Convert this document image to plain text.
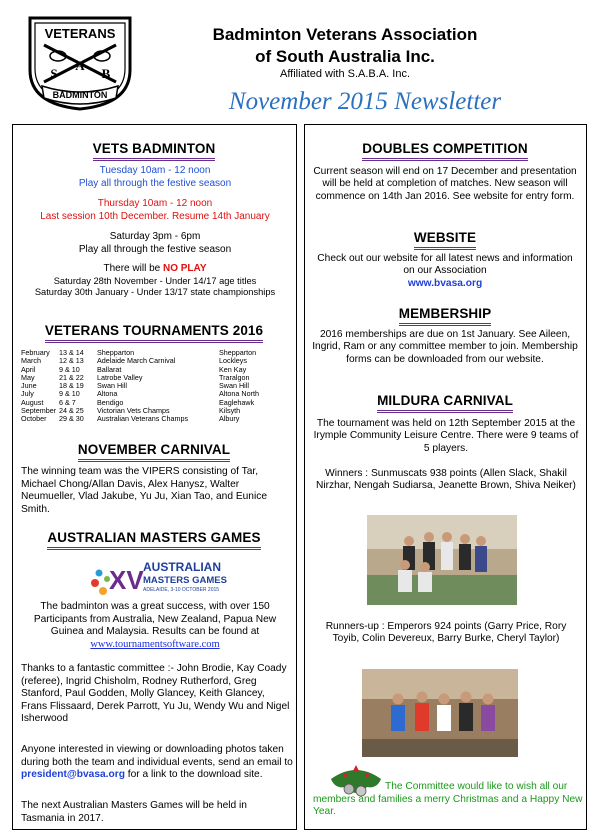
VETERANS
S
A
B
BADMINTON
Badminton Veterans Association
of South Australia Inc.
Affiliated with S.A.B.A. Inc.
November 2015 Newsletter
VETS BADMINTON
Tuesday 10am - 12 noon
Play all through the festive season
Thursday 10am - 12 noon
Last session 10th December. Resume 14th January
Saturday 3pm - 6pm
Play all through the festive season
There will be NO PLAY
Saturday 28th November - Under 14/17 age titles
Saturday 30th January - Under 13/17 state championships
VETERANS TOURNAMENTS 2016
February	13 & 14	Shepparton	Shepparton
March	12 & 13	Adelaide March Carnival	Lockleys
April	9 & 10	Ballarat	Ken Kay
May	21 & 22	Latrobe Valley	Traralgon
June	18 & 19	Swan Hill	Swan Hill
July	9 & 10	Altona	Altona North
August	6 & 7	Bendigo	Eaglehawk
September	24 & 25	Victorian Vets Champs	Kilsyth
October	29 & 30	Australian Veterans Champs	Albury
NOVEMBER CARNIVAL
The winning team was the VIPERS consisting of Tar, Michael Chong/Allan Davis, Alex Hanysz, Walter Neumueller, Vlad Jakube, Yu Ju, Xian Tao, and Eunice Smith.
AUSTRALIAN MASTERS GAMES
XV AUSTRALIAN
MASTERS GAMES
ADELAIDE, 3-10 OCTOBER 2015
The badminton was a great success, with over 150 Participants from Australia, New Zealand, Papua New Guinea and Malaysia. Results can be found at
www.tournamentsoftware.com
Thanks to a fantastic committee :- John Brodie, Kay Coady (referee), Ingrid Chisholm, Rodney Rutherford, Greg Stanford, Paul Godden, Molly Glancey, Keith Glancey, Frans Flissaard, Derek Parrott, Yu Ju, Wendy Wu and Nigel Isherwood
Anyone interested in viewing or downloading photos taken during both the team and individual events, send an email to president@bvasa.org for a link to the download site.
The next Australian Masters Games will be held in Tasmania in 2017.
DOUBLES COMPETITION
Current season will end on 17 December and presentation will be held at completion of matches. New season will commence on 14th Jan 2016. See website for entry form.
WEBSITE
Check out our website for all latest news and information on our Association
www.bvasa.org
MEMBERSHIP
2016 memberships are due on 1st January. See Aileen, Ingrid, Ram or any committee member to join. Membership forms can be downloaded from our website.
MILDURA CARNIVAL
The tournament was held on 12th September 2015 at the Irymple Community Leisure Centre. There were 9 teams of 5 players.
Winners : Sunmuscats 938 points (Allen Slack, Shakil Nirzhar, Nengah Sudiarsa, Jeanette Brown, Shiva Neiker)
Runners-up : Emperors 924 points (Garry Price, Rory Toyib, Colin Devereux, Barry Burke, Cheryl Taylor)
The Committee would like to wish all our members and families a merry Christmas and a Happy New Year.
